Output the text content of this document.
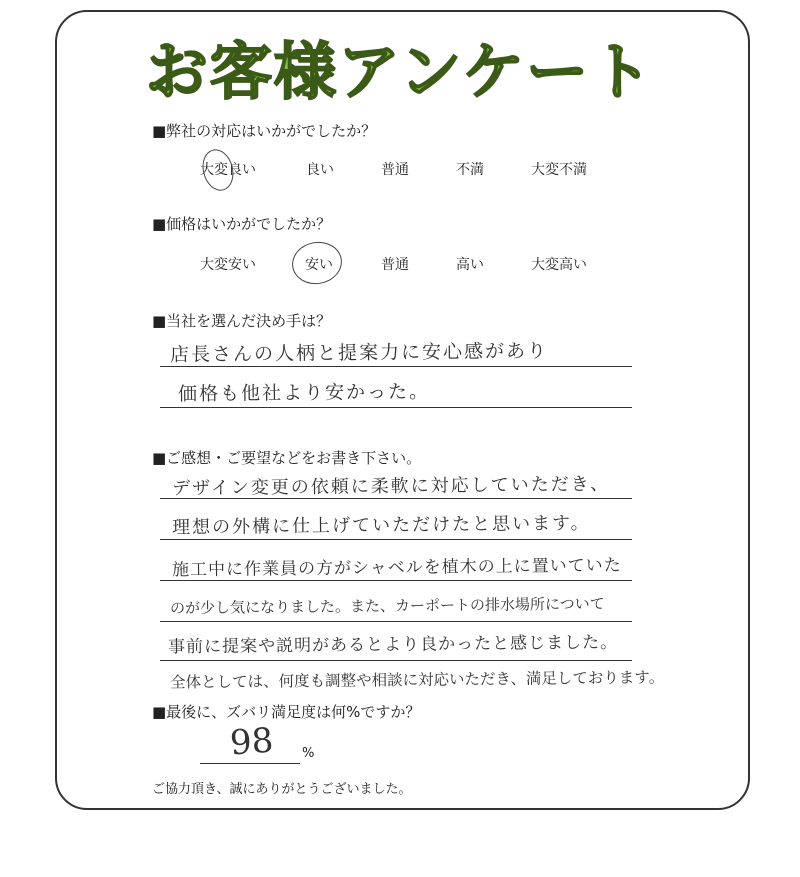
お客様アンケート
■弊社の対応はいかがでしたか？
大変良い	良い	普通	不満	大変不満
■価格はいかがでしたか？
大変安い	安い	普通	高い	大変高い
■当社を選んだ決め手は？
店長さんの人柄と提案力に安心感があり
価格も他社より安かった。
■ご感想・ご要望などをお書き下さい。
デザイン変更の依頼に柔軟に対応していただき、
理想の外構に仕上げていただけたと思います。
施工中に作業員の方がシャベルを植木の上に置いていた
のが少し気になりました。また、カーポートの排水場所について
事前に提案や説明があるとより良かったと感じました。
全体としては、何度も調整や相談に対応いただき、満足しております。
■最後に、ズバリ満足度は何%ですか？
98 %
ご協力頂き、誠にありがとうございました。
